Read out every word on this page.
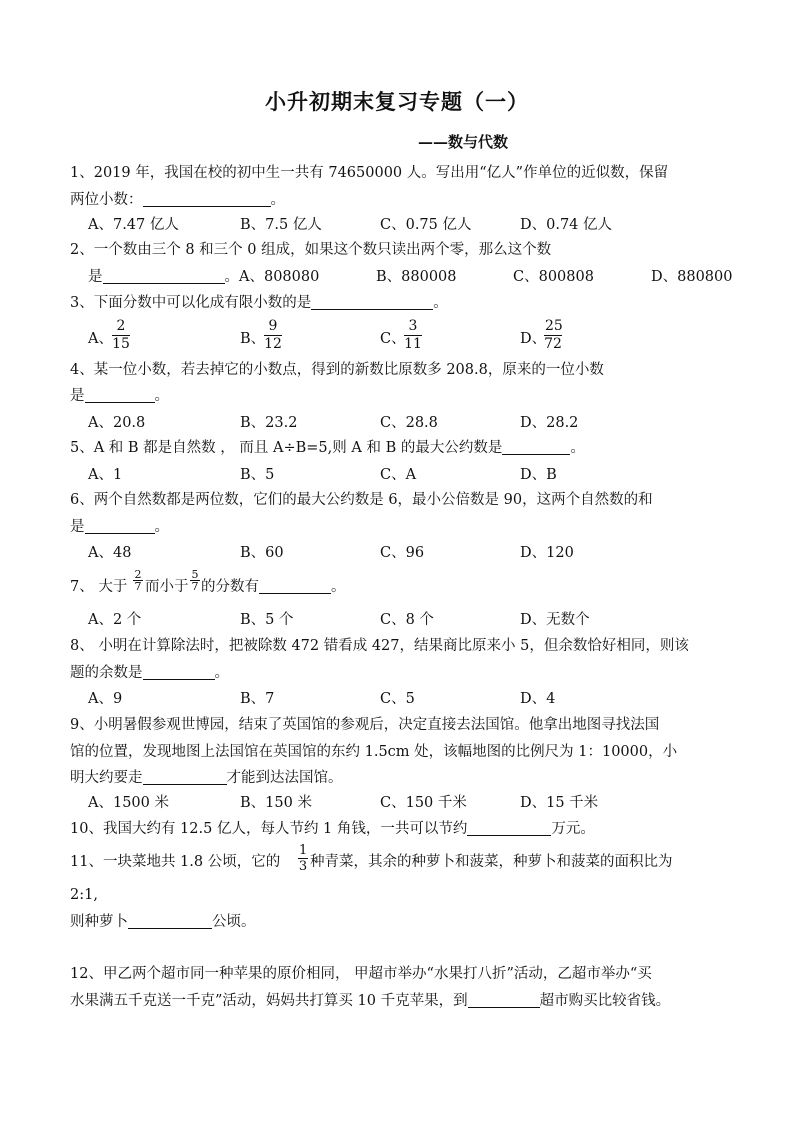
小升初期末复习专题（一）
——数与代数
1、2019 年，我国在校的初中生一共有 74650000 人。写出用“亿人”作单位的近似数，保留
两位小数：	。
A、7.47 亿人	B、7.5 亿人	C、0.75 亿人	D、0.74 亿人
2、一个数由三个 8 和三个 0 组成，如果这个数只读出两个零，那么这个数
是	。A、808080	B、880008	C、800808	D、880800
3、下面分数中可以化成有限小数的是	。
A、 $\frac{2}{15}$	B、
$\frac{9}{12}$	C、
$\frac{3}{11}$	D、
$\frac{25}{72}$
4、某一位小数，若去掉它的小数点，得到的新数比原数多 208.8，原来的一位小数
是	。
A、20.8	B、23.2	C、28.8	D、28.2
5、A 和 B 都是自然数 ， 而且 A÷B=5,则 A 和 B 的最大公约数是	。
A、1	B、5	C、A	D、B
6、两个自然数都是两位数，它们的最大公约数是 6，最小公倍数是 90，这两个自然数的和
是	。
A、48	B、60	C、96	D、120
7、 大于 $\frac{2}{7}$ 而小于 $\frac{5}{7}$ 的分数有	。
A、2 个	B、5 个	C、8 个	D、无数个
8、 小明在计算除法时，把被除数 472 错看成 427，结果商比原来小 5，但余数恰好相同，则该
题的余数是	。
A、9	B、7	C、5	D、4
9、小明暑假参观世博园，结束了英国馆的参观后，决定直接去法国馆。他拿出地图寻找法国
馆的位置，发现地图上法国馆在英国馆的东约 1.5cm 处，该幅地图的比例尺为 1：10000，小
明大约要走	才能到达法国馆。
A、1500 米	B、150 米	C、150 千米	D、15 千米
10、我国大约有 12.5 亿人，每人节约 1 角钱，一共可以节约	万元。
11、一块菜地共 1.8 公顷，它的 $\frac{1}{3}$ 种青菜，其余的种萝卜和菠菜，种萝卜和菠菜的面积比为
2:1,
则种萝卜	公顷。
12、甲乙两个超市同一种苹果的原价相同， 甲超市举办“水果打八折”活动，乙超市举办“买
水果满五千克送一千克”活动，妈妈共打算买 10 千克苹果，到	超市购买比较省钱。
